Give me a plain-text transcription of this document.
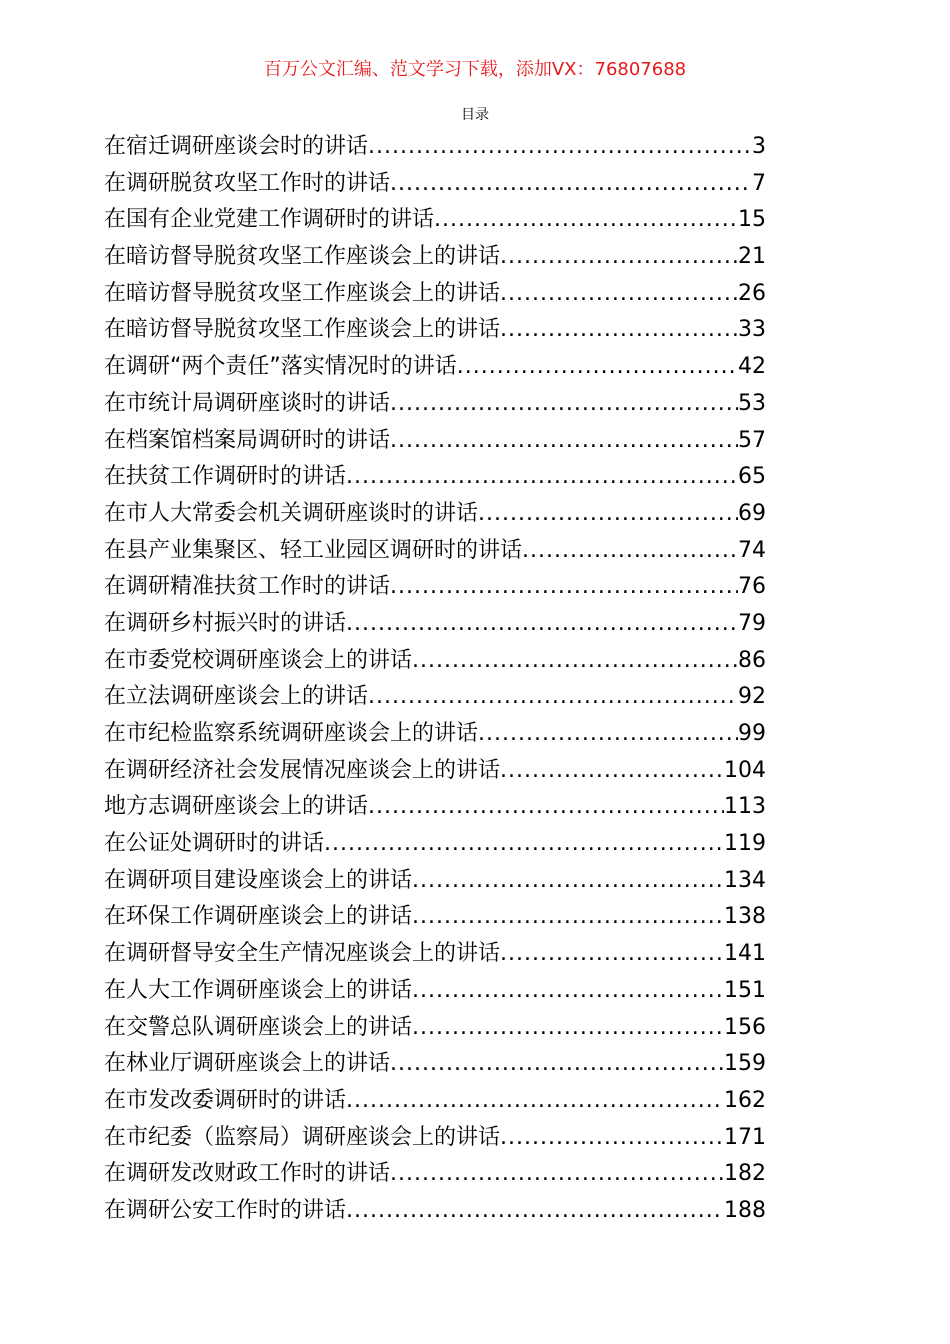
百万公文汇编、范文学习下载，添加VX：76807688
目录
在宿迁调研座谈会时的讲话 .....	3
在调研脱贫攻坚工作时的讲话 .....	7
在国有企业党建工作调研时的讲话 .....	15
在暗访督导脱贫攻坚工作座谈会上的讲话 .....	21
在暗访督导脱贫攻坚工作座谈会上的讲话 .....	26
在暗访督导脱贫攻坚工作座谈会上的讲话 .....	33
在调研“两个责任”落实情况时的讲话 .....	42
在市统计局调研座谈时的讲话 .....	53
在档案馆档案局调研时的讲话 .....	57
在扶贫工作调研时的讲话 .....	65
在市人大常委会机关调研座谈时的讲话 .....	69
在县产业集聚区、轻工业园区调研时的讲话 .....	74
在调研精准扶贫工作时的讲话 .....	76
在调研乡村振兴时的讲话 .....	79
在市委党校调研座谈会上的讲话 .....	86
在立法调研座谈会上的讲话 .....	92
在市纪检监察系统调研座谈会上的讲话 .....	99
在调研经济社会发展情况座谈会上的讲话 .....	104
地方志调研座谈会上的讲话 .....	113
在公证处调研时的讲话 .....	119
在调研项目建设座谈会上的讲话 .....	134
在环保工作调研座谈会上的讲话 .....	138
在调研督导安全生产情况座谈会上的讲话 .....	141
在人大工作调研座谈会上的讲话 .....	151
在交警总队调研座谈会上的讲话 .....	156
在林业厅调研座谈会上的讲话 .....	159
在市发改委调研时的讲话 .....	162
在市纪委（监察局）调研座谈会上的讲话 .....	171
在调研发改财政工作时的讲话 .....	182
在调研公安工作时的讲话 .....	188
